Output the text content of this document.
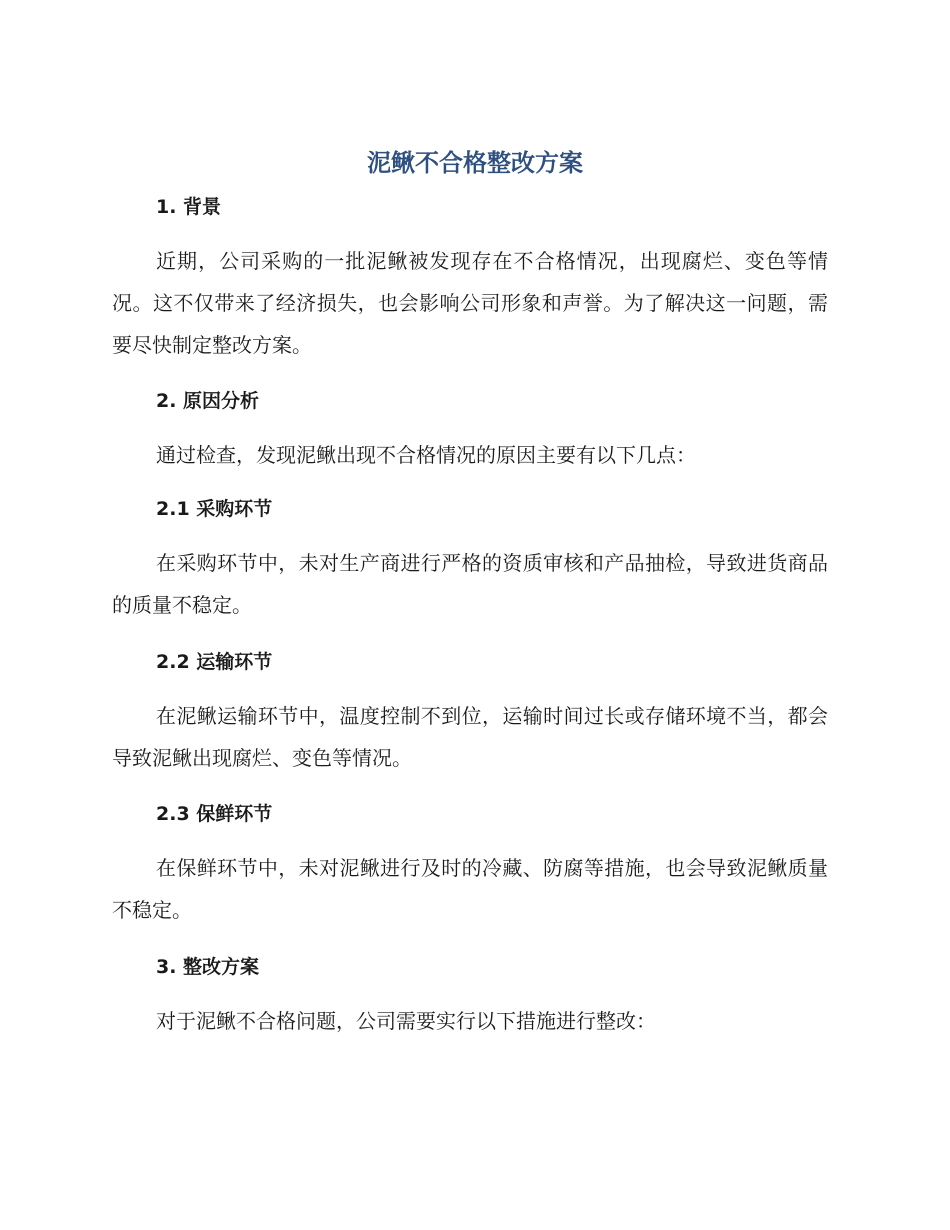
泥鳅不合格整改方案
1. 背景
近期，公司采购的一批泥鳅被发现存在不合格情况，出现腐烂、变色等情况。这不仅带来了经济损失，也会影响公司形象和声誉。为了解决这一问题，需要尽快制定整改方案。
2. 原因分析
通过检查，发现泥鳅出现不合格情况的原因主要有以下几点：
2.1 采购环节
在采购环节中，未对生产商进行严格的资质审核和产品抽检，导致进货商品的质量不稳定。
2.2 运输环节
在泥鳅运输环节中，温度控制不到位，运输时间过长或存储环境不当，都会导致泥鳅出现腐烂、变色等情况。
2.3 保鲜环节
在保鲜环节中，未对泥鳅进行及时的冷藏、防腐等措施，也会导致泥鳅质量不稳定。
3. 整改方案
对于泥鳅不合格问题，公司需要实行以下措施进行整改：
